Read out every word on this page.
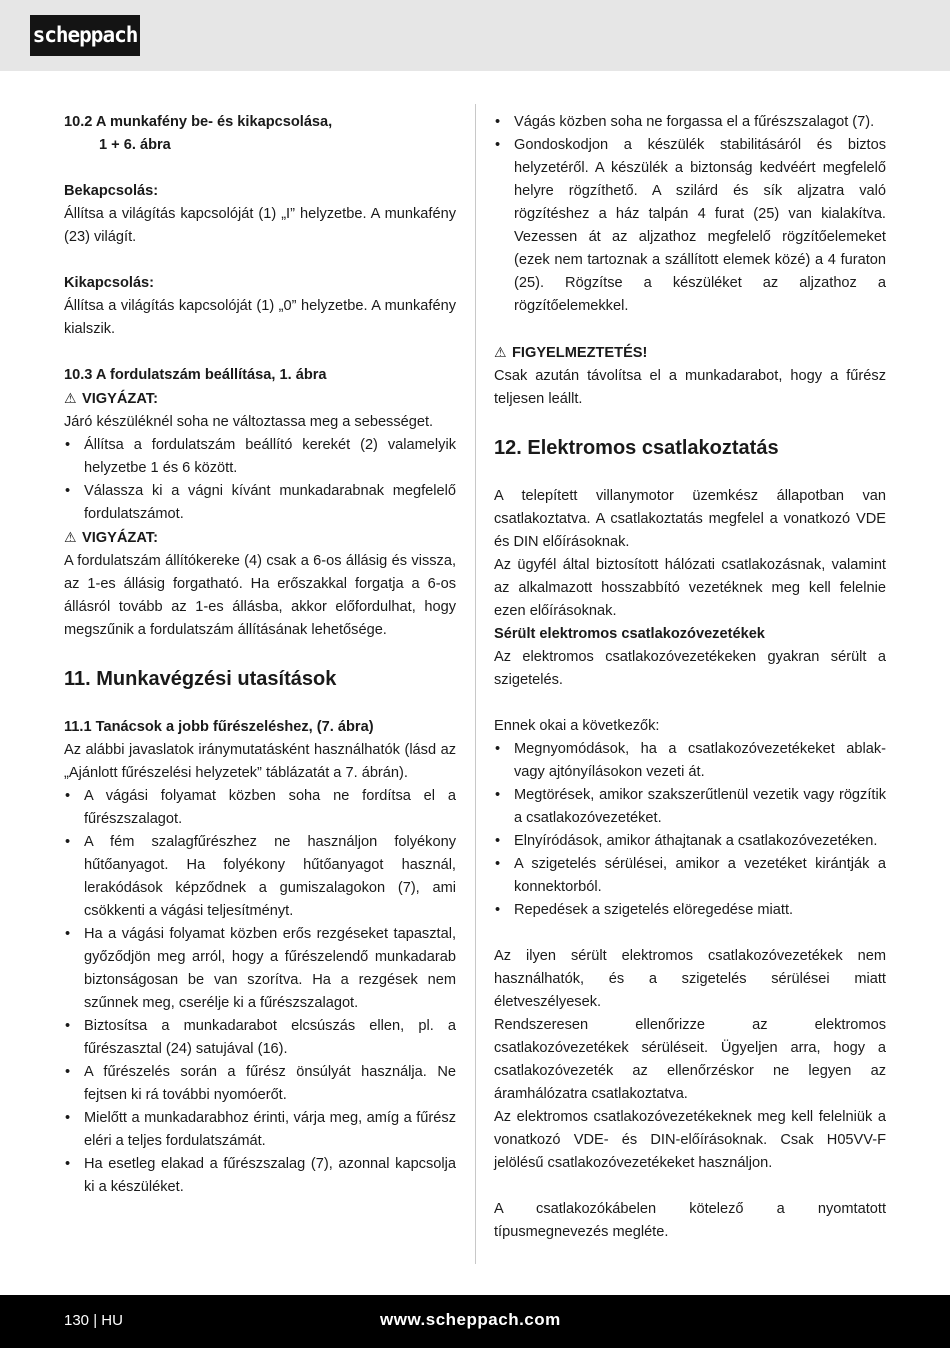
scheppach

10.2 A munkafény be- és kikapcsolása,

1 + 6. ábra

Bekapcsolás:

Állítsa a világítás kapcsolóját (1) „I” helyzetbe. A munkafény (23) világít.

Kikapcsolás:

Állítsa a világítás kapcsolóját (1) „0” helyzetbe. A munkafény kialszik.

10.3 A fordulatszám beállítása, 1. ábra

⚠ VIGYÁZAT:

Járó készüléknél soha ne változtassa meg a sebességet.

• Állítsa a fordulatszám beállító kerekét (2) valamelyik helyzetbe 1 és 6 között.
• Válassza ki a vágni kívánt munkadarabnak megfelelő fordulatszámot.

⚠ VIGYÁZAT:

A fordulatszám állítókereke (4) csak a 6-os állásig és vissza, az 1-es állásig forgatható. Ha erőszakkal forgatja a 6-os állásról tovább az 1-es állásba, akkor előfordulhat, hogy megszűnik a fordulatszám állításának lehetősége.

11. Munkavégzési utasítások

11.1 Tanácsok a jobb fűrészeléshez, (7. ábra)

Az alábbi javaslatok iránymutatásként használhatók (lásd az „Ajánlott fűrészelési helyzetek” táblázatát a 7. ábrán).

• A vágási folyamat közben soha ne fordítsa el a fűrészszalagot.
• A fém szalagfűrészhez ne használjon folyékony hűtőanyagot. Ha folyékony hűtőanyagot használ, lerakódások képződnek a gumiszalagokon (7), ami csökkenti a vágási teljesítményt.
• Ha a vágási folyamat közben erős rezgéseket tapasztal, győződjön meg arról, hogy a fűrészelendő munkadarab biztonságosan be van szorítva. Ha a rezgések nem szűnnek meg, cserélje ki a fűrészszalagot.
• Biztosítsa a munkadarabot elcsúszás ellen, pl. a fűrészasztal (24) satujával (16).
• A fűrészelés során a fűrész önsúlyát használja. Ne fejtsen ki rá további nyomóerőt.
• Mielőtt a munkadarabhoz érinti, várja meg, amíg a fűrész eléri a teljes fordulatszámát.
• Ha esetleg elakad a fűrészszalag (7), azonnal kapcsolja ki a készüléket.
• Vágás közben soha ne forgassa el a fűrészszalagot (7).
• Gondoskodjon a készülék stabilitásáról és biztos helyzetéről. A készülék a biztonság kedvéért megfelelő helyre rögzíthető. A szilárd és sík aljzatra való rögzítéshez a ház talpán 4 furat (25) van kialakítva. Vezessen át az aljzathoz megfelelő rögzítőelemeket (ezek nem tartoznak a szállított elemek közé) a 4 furaton (25). Rögzítse a készüléket az aljzathoz a rögzítőelemekkel.

⚠ FIGYELMEZTETÉS!

Csak azután távolítsa el a munkadarabot, hogy a fűrész teljesen leállt.

12. Elektromos csatlakoztatás

A telepített villanymotor üzemkész állapotban van csatlakoztatva. A csatlakoztatás megfelel a vonatkozó VDE és DIN előírásoknak.

Az ügyfél által biztosított hálózati csatlakozásnak, valamint az alkalmazott hosszabbító vezetéknek meg kell felelnie ezen előírásoknak.

Sérült elektromos csatlakozóvezetékek

Az elektromos csatlakozóvezetékeken gyakran sérült a szigetelés.

Ennek okai a következők:

• Megnyomódások, ha a csatlakozóvezetékeket ablak- vagy ajtónyílásokon vezeti át.
• Megtörések, amikor szakszerűtlenül vezetik vagy rögzítik a csatlakozóvezetéket.
• Elnyíródások, amikor áthajtanak a csatlakozóvezetéken.
• A szigetelés sérülései, amikor a vezetéket kirántják a konnektorból.
• Repedések a szigetelés elöregedése miatt.

Az ilyen sérült elektromos csatlakozóvezetékek nem használhatók, és a szigetelés sérülései miatt életveszélyesek.

Rendszeresen ellenőrizze az elektromos csatlakozóvezetékek sérüléseit. Ügyeljen arra, hogy a csatlakozóvezeték az ellenőrzéskor ne legyen az áramhálózatra csatlakoztatva.

Az elektromos csatlakozóvezetékeknek meg kell felelniük a vonatkozó VDE- és DIN-előírásoknak. Csak H05VV-F jelölésű csatlakozóvezetékeket használjon.

A csatlakozókábelen kötelező a nyomtatott típusmegnevezés megléte.

130 | HU	www.scheppach.com
